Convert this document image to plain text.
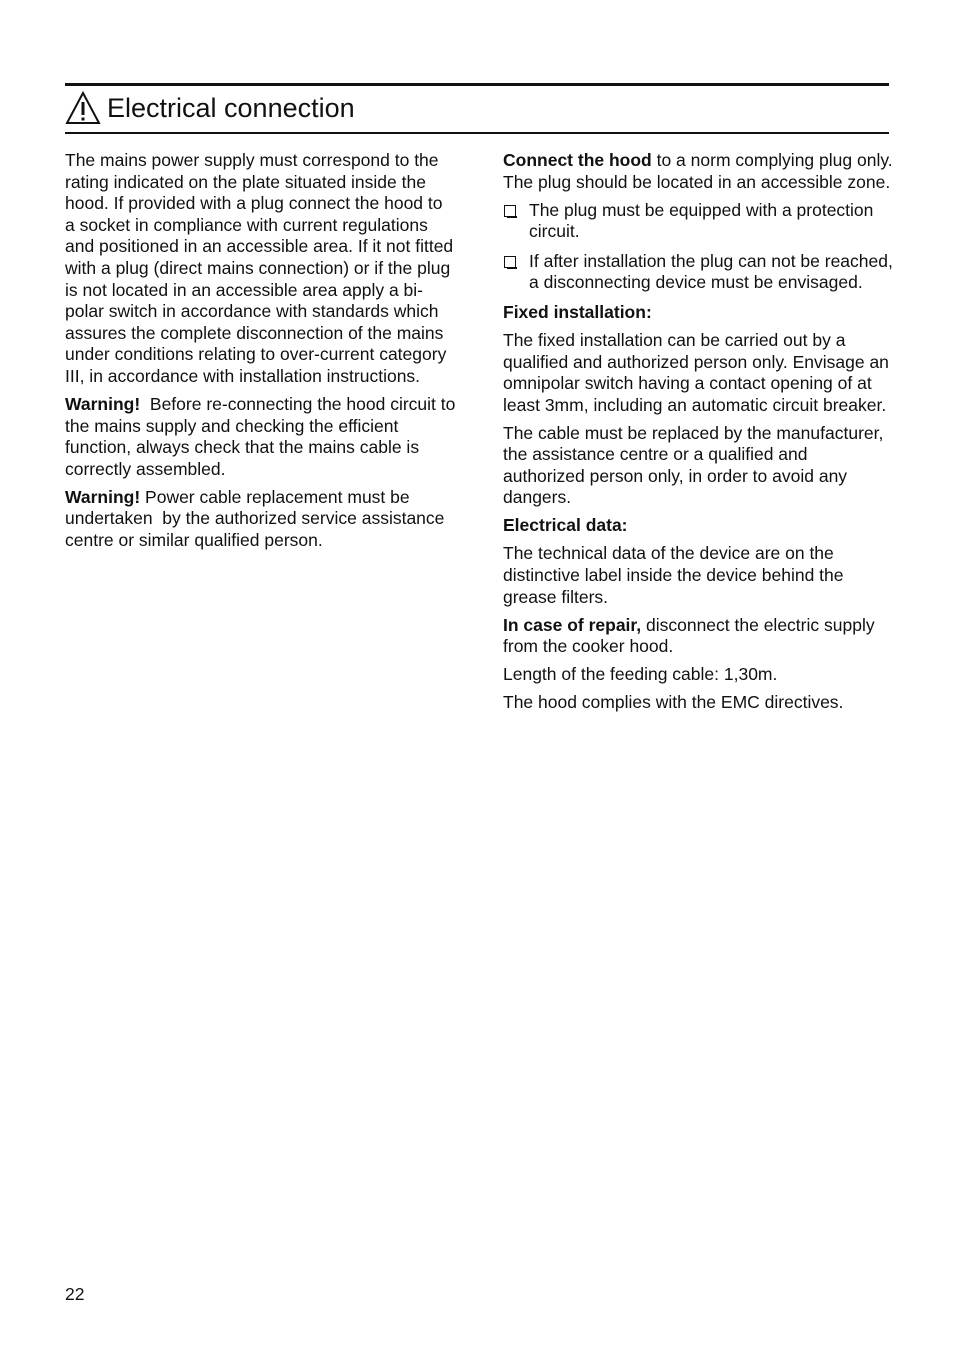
Electrical connection

The mains power supply must correspond to the rating indicated on the plate situated inside the hood. If provided with a plug connect the hood to a socket in compliance with current regulations and positioned in an accessible area. If it not fitted with a plug (direct mains connection) or if the plug is not located in an accessible area apply a bi-polar switch in accordance with standards which assures the complete disconnection of the mains under conditions relating to over-current category III, in accordance with installation instructions.

Warning!  Before re-connecting the hood circuit to the mains supply and checking the efficient function, always check that the mains cable is correctly assembled.

Warning! Power cable replacement must be undertaken  by the authorized service assistance centre or similar qualified person.

Connect the hood to a norm complying plug only. The plug should be located in an accessible zone.

The plug must be equipped with a protection circuit.
If after installation the plug can not be reached, a disconnecting device must be envisaged.

Fixed installation:

The fixed installation can be carried out by a qualified and authorized person only. Envisage an omnipolar switch having a contact opening of at least 3mm, including an automatic circuit breaker.

The cable must be replaced by the manufacturer, the assistance centre or a qualified and authorized person only, in order to avoid any dangers.

Electrical data:

The technical data of the device are on the distinctive label inside the device behind the grease filters.

In case of repair, disconnect the electric supply from the cooker hood.

Length of the feeding cable: 1,30m.

The hood complies with the EMC directives.

22
